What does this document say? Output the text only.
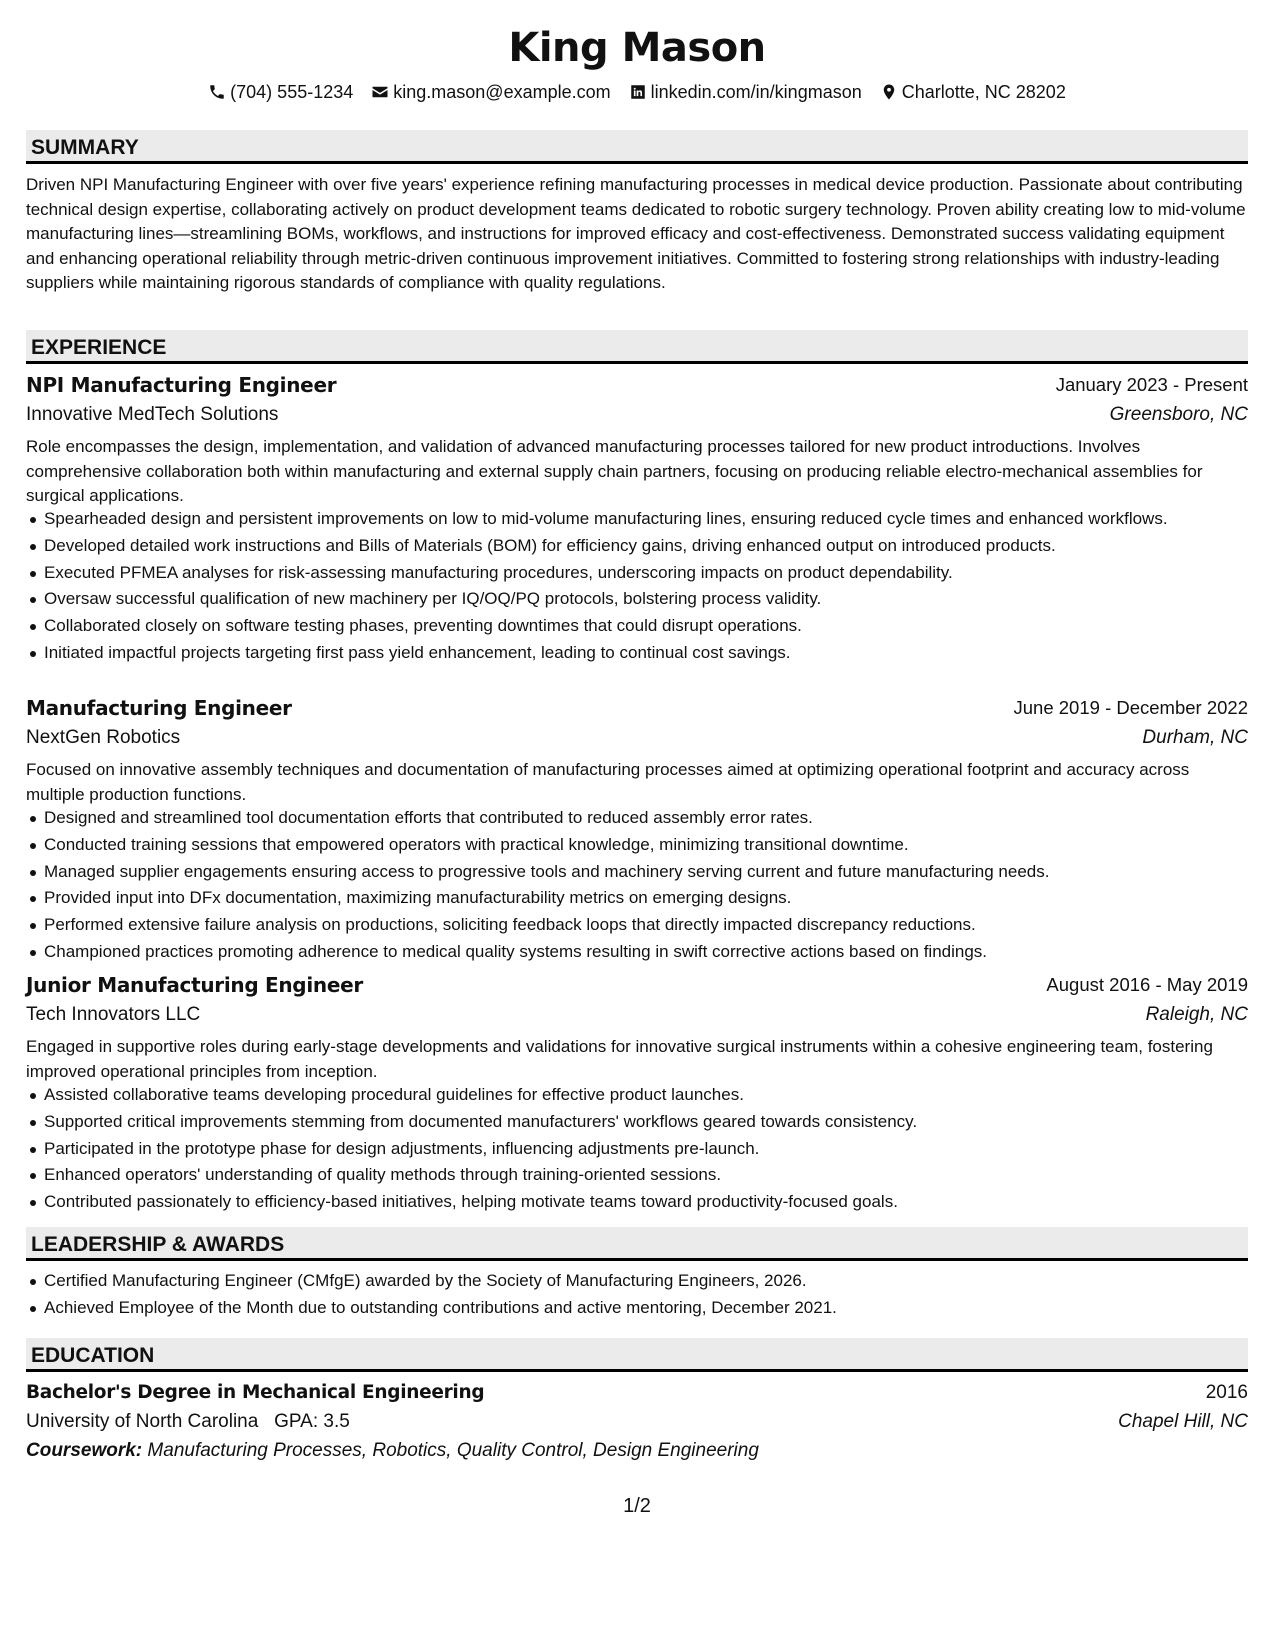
King Mason
(704) 555-1234 king.mason@example.com linkedin.com/in/kingmason Charlotte, NC 28202
SUMMARY

Driven NPI Manufacturing Engineer with over five years' experience refining manufacturing processes in medical device production. Passionate about contributing technical design expertise, collaborating actively on product development teams dedicated to robotic surgery technology. Proven ability creating low to mid-volume manufacturing lines—streamlining BOMs, workflows, and instructions for improved efficacy and cost-effectiveness. Demonstrated success validating equipment and enhancing operational reliability through metric-driven continuous improvement initiatives. Committed to fostering strong relationships with industry-leading suppliers while maintaining rigorous standards of compliance with quality regulations.

EXPERIENCE
NPI Manufacturing Engineer	January 2023 - Present
Innovative MedTech Solutions	Greensboro, NC

Role encompasses the design, implementation, and validation of advanced manufacturing processes tailored for new product introductions. Involves comprehensive collaboration both within manufacturing and external supply chain partners, focusing on producing reliable electro-mechanical assemblies for surgical applications.

Spearheaded design and persistent improvements on low to mid-volume manufacturing lines, ensuring reduced cycle times and enhanced workflows.
Developed detailed work instructions and Bills of Materials (BOM) for efficiency gains, driving enhanced output on introduced products.
Executed PFMEA analyses for risk-assessing manufacturing procedures, underscoring impacts on product dependability.
Oversaw successful qualification of new machinery per IQ/OQ/PQ protocols, bolstering process validity.
Collaborated closely on software testing phases, preventing downtimes that could disrupt operations.
Initiated impactful projects targeting first pass yield enhancement, leading to continual cost savings.
Manufacturing Engineer	June 2019 - December 2022
NextGen Robotics	Durham, NC

Focused on innovative assembly techniques and documentation of manufacturing processes aimed at optimizing operational footprint and accuracy across multiple production functions.

Designed and streamlined tool documentation efforts that contributed to reduced assembly error rates.
Conducted training sessions that empowered operators with practical knowledge, minimizing transitional downtime.
Managed supplier engagements ensuring access to progressive tools and machinery serving current and future manufacturing needs.
Provided input into DFx documentation, maximizing manufacturability metrics on emerging designs.
Performed extensive failure analysis on productions, soliciting feedback loops that directly impacted discrepancy reductions.
Championed practices promoting adherence to medical quality systems resulting in swift corrective actions based on findings.
Junior Manufacturing Engineer	August 2016 - May 2019
Tech Innovators LLC	Raleigh, NC

Engaged in supportive roles during early-stage developments and validations for innovative surgical instruments within a cohesive engineering team, fostering improved operational principles from inception.

Assisted collaborative teams developing procedural guidelines for effective product launches.
Supported critical improvements stemming from documented manufacturers' workflows geared towards consistency.
Participated in the prototype phase for design adjustments, influencing adjustments pre-launch.
Enhanced operators' understanding of quality methods through training-oriented sessions.
Contributed passionately to efficiency-based initiatives, helping motivate teams toward productivity-focused goals.
LEADERSHIP & AWARDS
Certified Manufacturing Engineer (CMfgE) awarded by the Society of Manufacturing Engineers, 2026.
Achieved Employee of the Month due to outstanding contributions and active mentoring, December 2021.
EDUCATION
Bachelor's Degree in Mechanical Engineering	2016
University of North Carolina   GPA: 3.5	Chapel Hill, NC
Coursework: Manufacturing Processes, Robotics, Quality Control, Design Engineering
1/2
